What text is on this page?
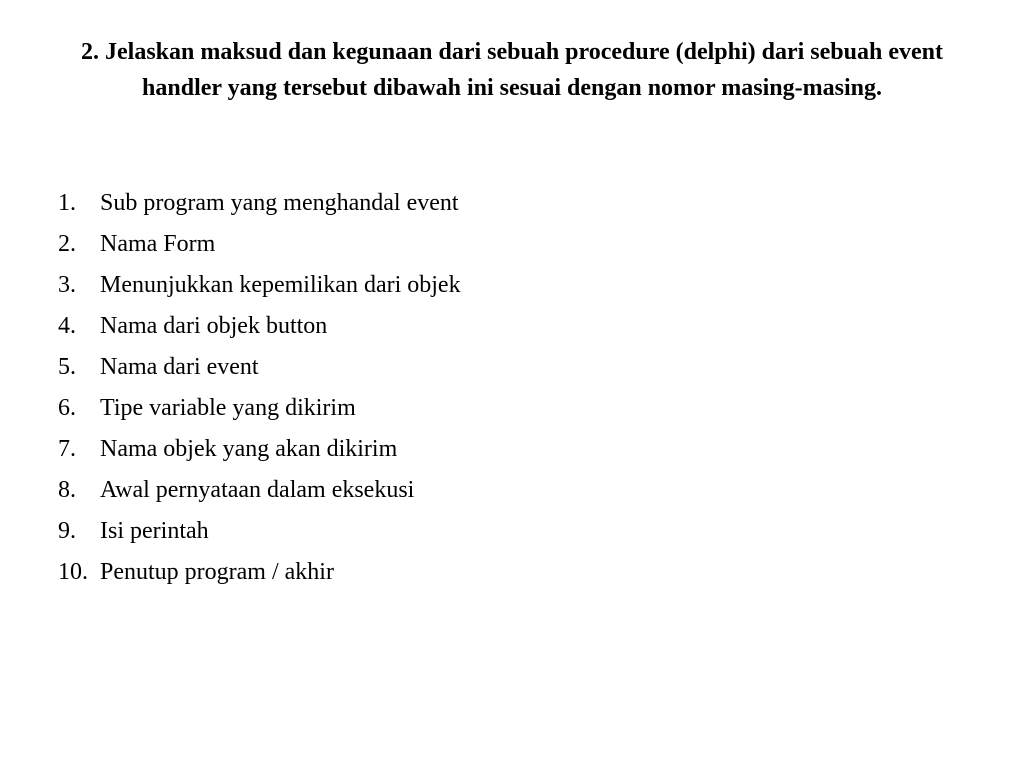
2. Jelaskan maksud dan kegunaan dari sebuah procedure (delphi) dari sebuah event handler yang tersebut dibawah ini sesuai dengan nomor masing-masing.
1.	Sub program yang menghandal event
2.	Nama Form
3.	Menunjukkan kepemilikan dari objek
4.	Nama dari objek button
5.	Nama dari event
6.	Tipe variable yang dikirim
7.	Nama objek yang akan dikirim
8.	Awal pernyataan dalam eksekusi
9.	Isi perintah
10. Penutup program / akhir
